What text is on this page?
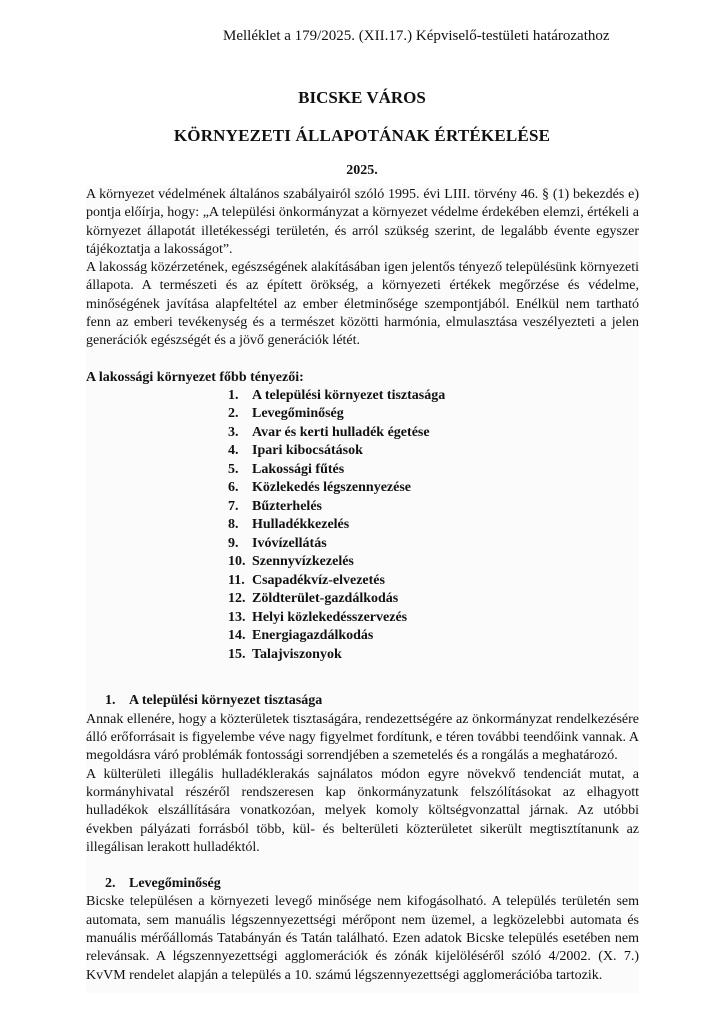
Melléklet a 179/2025. (XII.17.) Képviselő-testületi határozathoz
BICSKE VÁROS
KÖRNYEZETI ÁLLAPOTÁNAK ÉRTÉKELÉSE
2025.

A környezet védelmének általános szabályairól szóló 1995. évi LIII. törvény 46. § (1) bekezdés e) pontja előírja, hogy: „A települési önkormányzat a környezet védelme érdekében elemzi, értékeli a környezet állapotát illetékességi területén, és arról szükség szerint, de legalább évente egyszer tájékoztatja a lakosságot”.

A lakosság közérzetének, egészségének alakításában igen jelentős tényező településünk környezeti állapota. A természeti és az épített örökség, a környezeti értékek megőrzése és védelme, minőségének javítása alapfeltétel az ember életminősége szempontjából. Enélkül nem tartható fenn az emberi tevékenység és a természet közötti harmónia, elmulasztása veszélyezteti a jelen generációk egészségét és a jövő generációk létét.

A lakossági környezet főbb tényezői:

1. A települési környezet tisztasága
2. Levegőminőség
3. Avar és kerti hulladék égetése
4. Ipari kibocsátások
5. Lakossági fűtés
6. Közlekedés légszennyezése
7. Bűzterhelés
8. Hulladékkezelés
9. Ivóvízellátás
10. Szennyvízkezelés
11. Csapadékvíz-elvezetés
12. Zöldterület-gazdálkodás
13. Helyi közlekedésszervezés
14. Energiagazdálkodás
15. Talajviszonyok

1. A települési környezet tisztasága

Annak ellenére, hogy a közterületek tisztaságára, rendezettségére az önkormányzat rendelkezésére álló erőforrásait is figyelembe véve nagy figyelmet fordítunk, e téren további teendőink vannak. A megoldásra váró problémák fontossági sorrendjében a szemetelés és a rongálás a meghatározó.

A külterületi illegális hulladéklerakás sajnálatos módon egyre növekvő tendenciát mutat, a kormányhivatal részéről rendszeresen kap önkormányzatunk felszólításokat az elhagyott hulladékok elszállítására vonatkozóan, melyek komoly költségvonzattal járnak. Az utóbbi években pályázati forrásból több, kül- és belterületi közterületet sikerült megtisztítanunk az illegálisan lerakott hulladéktól.

2. Levegőminőség

Bicske településen a környezeti levegő minősége nem kifogásolható. A település területén sem automata, sem manuális légszennyezettségi mérőpont nem üzemel, a legközelebbi automata és manuális mérőállomás Tatabányán és Tatán található. Ezen adatok Bicske település esetében nem relevánsak. A légszennyezettségi agglomerációk és zónák kijelöléséről szóló 4/2002. (X. 7.) KvVM rendelet alapján a település a 10. számú légszennyezettségi agglomerációba tartozik.
